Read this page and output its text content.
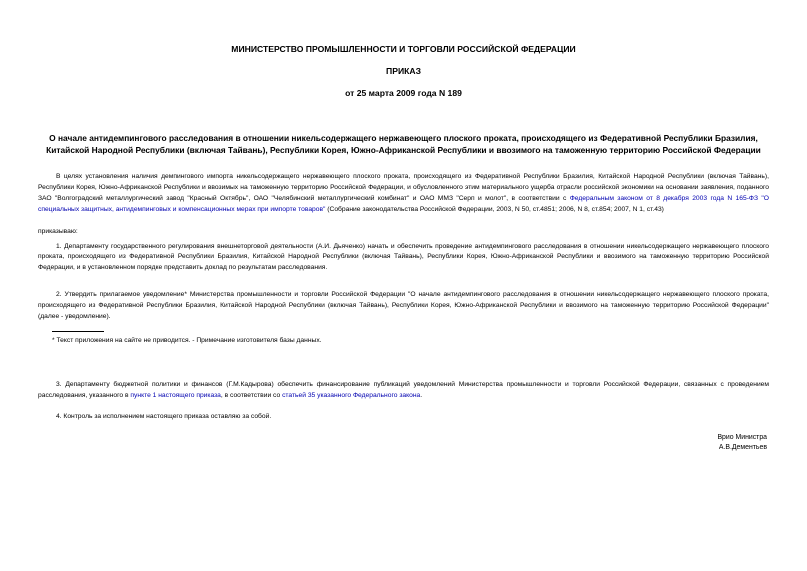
МИНИСТЕРСТВО ПРОМЫШЛЕННОСТИ И ТОРГОВЛИ РОССИЙСКОЙ ФЕДЕРАЦИИ

ПРИКАЗ

от 25 марта 2009 года N 189

О начале антидемпингового расследования в отношении никельсодержащего нержавеющего плоского проката, происходящего из Федеративной Республики Бразилия, Китайской Народной Республики (включая Тайвань), Республики Корея, Южно-Африканской Республики и ввозимого на таможенную территорию Российской Федерации

В целях установления наличия демпингового импорта никельсодержащего нержавеющего плоского проката, происходящего из Федеративной Республики Бразилия, Китайской Народной Республики (включая Тайвань), Республики Корея, Южно-Африканской Республики и ввозимых на таможенную территорию Российской Федерации, и обусловленного этим материального ущерба отрасли российской экономики на основании заявления, поданного ЗАО "Волгоградский металлургический завод "Красный Октябрь", ОАО "Челябинский металлургический комбинат" и ОАО ММЗ "Серп и молот", в соответствии с Федеральным законом от 8 декабря 2003 года N 165-ФЗ "О специальных защитных, антидемпинговых и компенсационных мерах при импорте товаров" (Собрание законодательства Российской Федерации, 2003, N 50, ст.4851; 2006, N 8, ст.854; 2007, N 1, ст.43)

приказываю:

1. Департаменту государственного регулирования внешнеторговой деятельности (А.И. Дьяченко) начать и обеспечить проведение антидемпингового расследования в отношении никельсодержащего нержавеющего плоского проката, происходящего из Федеративной Республики Бразилия, Китайской Народной Республики (включая Тайвань), Республики Корея, Южно-Африканской Республики и ввозимого на таможенную территорию Российской Федерации, и в установленном порядке представить доклад по результатам расследования.

2. Утвердить прилагаемое уведомление* Министерства промышленности и торговли Российской Федерации "О начале антидемпингового расследования в отношении никельсодержащего нержавеющего плоского проката, происходящего из Федеративной Республики Бразилия, Китайской Народной Республики (включая Тайвань), Республики Корея, Южно-Африканской Республики и ввозимого на таможенную территорию Российской Федерации" (далее - уведомление).

* Текст приложения на сайте не приводится. - Примечание изготовителя базы данных.

3. Департаменту бюджетной политики и финансов (Г.М.Кадырова) обеспечить финансирование публикаций уведомлений Министерства промышленности и торговли Российской Федерации, связанных с проведением расследования, указанного в пункте 1 настоящего приказа, в соответствии со статьей 35 указанного Федерального закона.

4. Контроль за исполнением настоящего приказа оставляю за собой.

Врио Министра
А.В.Дементьев
